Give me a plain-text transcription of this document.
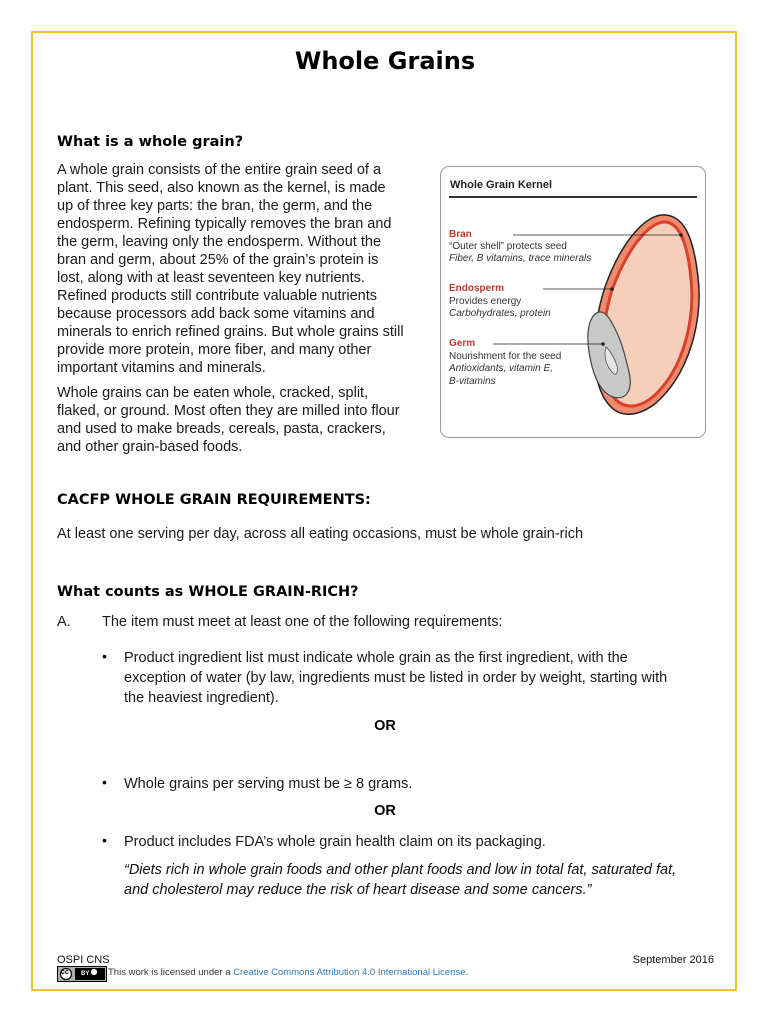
Whole Grains
What is a whole grain?
A whole grain consists of the entire grain seed of a
plant. This seed, also known as the kernel, is made
up of three key parts: the bran, the germ, and the
endosperm. Refining typically removes the bran and
the germ, leaving only the endosperm. Without the
bran and germ, about 25% of the grain’s protein is
lost, along with at least seventeen key nutrients.
Refined products still contribute valuable nutrients
because processors add back some vitamins and
minerals to enrich refined grains. But whole grains still
provide more protein, more fiber, and many other
important vitamins and minerals.
Whole grains can be eaten whole, cracked, split,
flaked, or ground. Most often they are milled into flour
and used to make breads, cereals, pasta, crackers,
and other grain-based foods.
Whole Grain Kernel
Bran
“Outer shell” protects seed
Fiber, B vitamins, trace minerals
Endosperm
Provides energy
Carbohydrates, protein
Germ
Nourishment for the seed
Antioxidants, vitamin E,
B-vitamins
CACFP WHOLE GRAIN REQUIREMENTS:
At least one serving per day, across all eating occasions, must be whole grain-rich
What counts as WHOLE GRAIN-RICH?
A. The item must meet at least one of the following requirements:
• Product ingredient list must indicate whole grain as the first ingredient, with the
exception of water (by law, ingredients must be listed in order by weight, starting with
the heaviest ingredient).
OR
• Whole grains per serving must be ≥ 8 grams.
OR
• Product includes FDA’s whole grain health claim on its packaging.
“Diets rich in whole grain foods and other plant foods and low in total fat, saturated fat,
and cholesterol may reduce the risk of heart disease and some cancers.”
OSPI CNS	September 2016
cc BY This work is licensed under a Creative Commons Attribution 4.0 International License.
